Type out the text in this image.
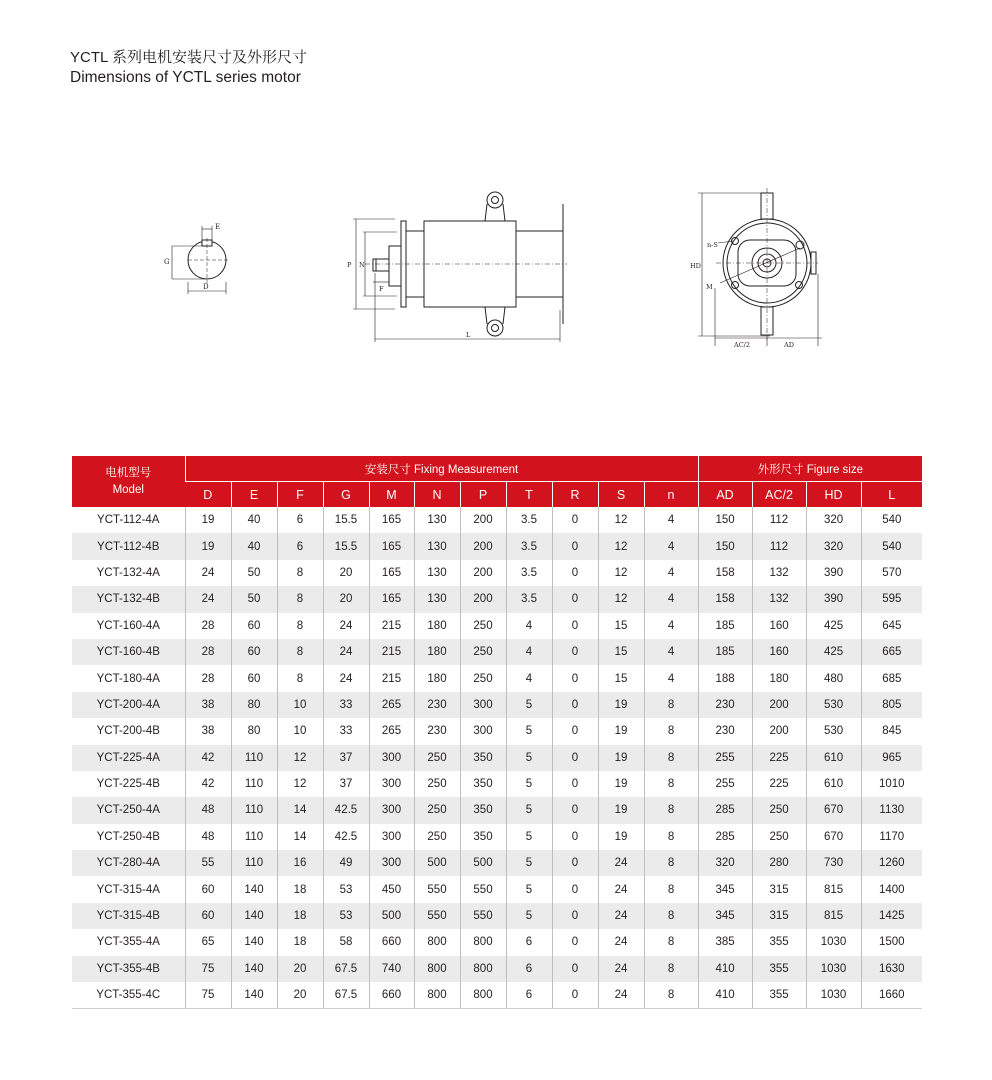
YCTL 系列电机安装尺寸及外形尺寸

Dimensions of YCTL series motor

E
G
D
P N
F
L
HD
n-S
M
AC/2	AD
电机型号
Model	安装尺寸 Fixing Measurement											外形尺寸 Figure size			
	D	E	F	G	M	N	P	T	R	S	n	AD	AC/2	HD	L
YCT-112-4A	19	40	6	15.5	165	130	200	3.5	0	12	4	150	112	320	540
YCT-112-4B	19	40	6	15.5	165	130	200	3.5	0	12	4	150	112	320	540
YCT-132-4A	24	50	8	20	165	130	200	3.5	0	12	4	158	132	390	570
YCT-132-4B	24	50	8	20	165	130	200	3.5	0	12	4	158	132	390	595
YCT-160-4A	28	60	8	24	215	180	250	4	0	15	4	185	160	425	645
YCT-160-4B	28	60	8	24	215	180	250	4	0	15	4	185	160	425	665
YCT-180-4A	28	60	8	24	215	180	250	4	0	15	4	188	180	480	685
YCT-200-4A	38	80	10	33	265	230	300	5	0	19	8	230	200	530	805
YCT-200-4B	38	80	10	33	265	230	300	5	0	19	8	230	200	530	845
YCT-225-4A	42	110	12	37	300	250	350	5	0	19	8	255	225	610	965
YCT-225-4B	42	110	12	37	300	250	350	5	0	19	8	255	225	610	1010
YCT-250-4A	48	110	14	42.5	300	250	350	5	0	19	8	285	250	670	1130
YCT-250-4B	48	110	14	42.5	300	250	350	5	0	19	8	285	250	670	1170
YCT-280-4A	55	110	16	49	300	500	500	5	0	24	8	320	280	730	1260
YCT-315-4A	60	140	18	53	450	550	550	5	0	24	8	345	315	815	1400
YCT-315-4B	60	140	18	53	500	550	550	5	0	24	8	345	315	815	1425
YCT-355-4A	65	140	18	58	660	800	800	6	0	24	8	385	355	1030	1500
YCT-355-4B	75	140	20	67.5	740	800	800	6	0	24	8	410	355	1030	1630
YCT-355-4C	75	140	20	67.5	660	800	800	6	0	24	8	410	355	1030	1660
